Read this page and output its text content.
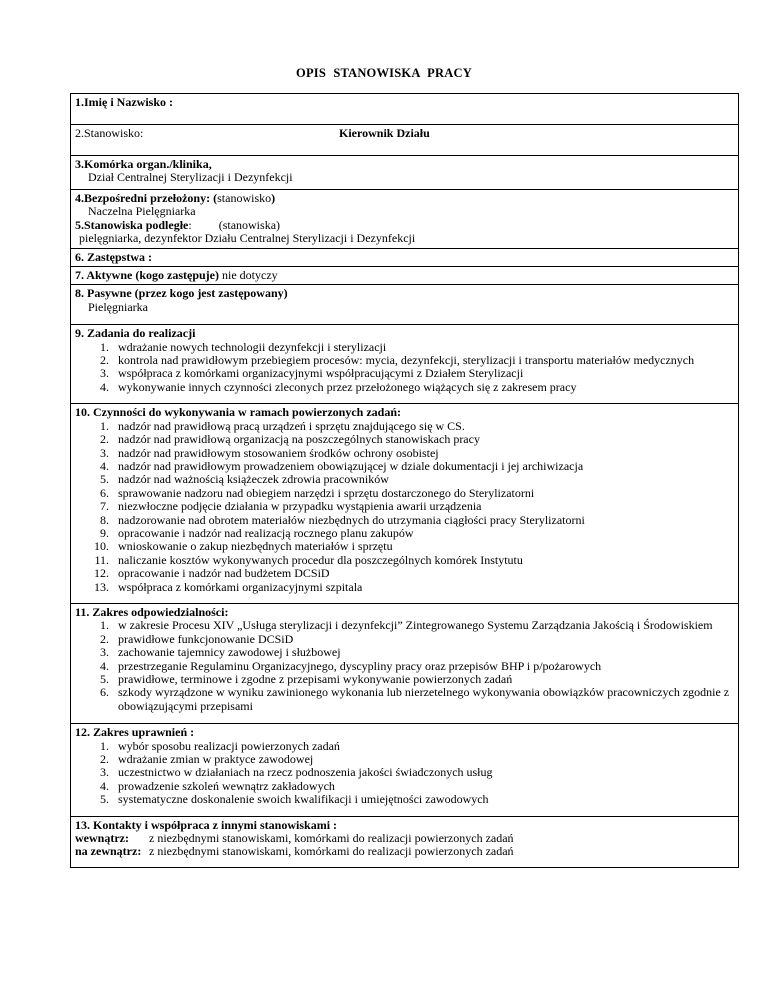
OPIS STANOWISKA PRACY
1.Imię i Nazwisko :
2.Stanowisko:	Kierownik Działu
3.Komórka organ./klinika,
Dział Centralnej Sterylizacji i Dezynfekcji
4.Bezpośredni przełożony: (stanowisko)
Naczelna Pielęgniarka
5.Stanowiska podległe:         (stanowiska)
pielęgniarka, dezynfektor Działu Centralnej Sterylizacji i Dezynfekcji
6. Zastępstwa :
7. Aktywne (kogo zastępuje) nie dotyczy
8. Pasywne (przez kogo jest zastępowany)
Pielęgniarka
9. Zadania do realizacji
1. wdrażanie nowych technologii dezynfekcji i sterylizacji
2. kontrola nad prawidłowym przebiegiem procesów: mycia, dezynfekcji, sterylizacji i transportu materiałów medycznych
3. współpraca z komórkami organizacyjnymi współpracującymi z Działem Sterylizacji
4. wykonywanie innych czynności zleconych przez przełożonego wiążących się z zakresem pracy
10. Czynności do wykonywania w ramach powierzonych zadań:
1. nadzór nad prawidłową pracą urządzeń i sprzętu znajdującego się w CS.
2. nadzór nad prawidłową organizacją na poszczególnych stanowiskach pracy
3. nadzór nad prawidłowym stosowaniem środków ochrony osobistej
4. nadzór nad prawidłowym prowadzeniem obowiązującej w dziale dokumentacji i jej archiwizacja
5. nadzór nad ważnością książeczek zdrowia pracowników
6. sprawowanie nadzoru nad obiegiem narzędzi i sprzętu dostarczonego do Sterylizatorni
7. niezwłoczne podjęcie działania w przypadku wystąpienia awarii urządzenia
8. nadzorowanie nad obrotem materiałów niezbędnych do utrzymania ciągłości pracy Sterylizatorni
9. opracowanie i nadzór nad realizacją rocznego planu zakupów
10. wnioskowanie o zakup niezbędnych materiałów i sprzętu
11. naliczanie kosztów wykonywanych procedur dla poszczególnych komórek Instytutu
12. opracowanie i nadzór nad budżetem DCSiD
13. współpraca z komórkami organizacyjnymi szpitala
11. Zakres odpowiedzialności:
1. w zakresie Procesu XIV „Usługa sterylizacji i dezynfekcji” Zintegrowanego Systemu Zarządzania Jakością i Środowiskiem
2. prawidłowe funkcjonowanie DCSiD
3. zachowanie tajemnicy zawodowej i służbowej
4. przestrzeganie Regulaminu Organizacyjnego, dyscypliny pracy oraz przepisów BHP i p/pożarowych
5. prawidłowe, terminowe i zgodne z przepisami wykonywanie powierzonych zadań
6. szkody wyrządzone w wyniku zawinionego wykonania lub nierzetelnego wykonywania obowiązków pracowniczych zgodnie z obowiązującymi przepisami
12. Zakres uprawnień :
1. wybór sposobu realizacji powierzonych zadań
2. wdrażanie zmian w praktyce zawodowej
3. uczestnictwo w działaniach na rzecz podnoszenia jakości świadczonych usług
4. prowadzenie szkoleń wewnątrz zakładowych
5. systematyczne doskonalenie swoich kwalifikacji i umiejętności zawodowych
13. Kontakty i współpraca z innymi stanowiskami :
wewnątrz: z niezbędnymi stanowiskami, komórkami do realizacji powierzonych zadań
na zewnątrz: z niezbędnymi stanowiskami, komórkami do realizacji powierzonych zadań
